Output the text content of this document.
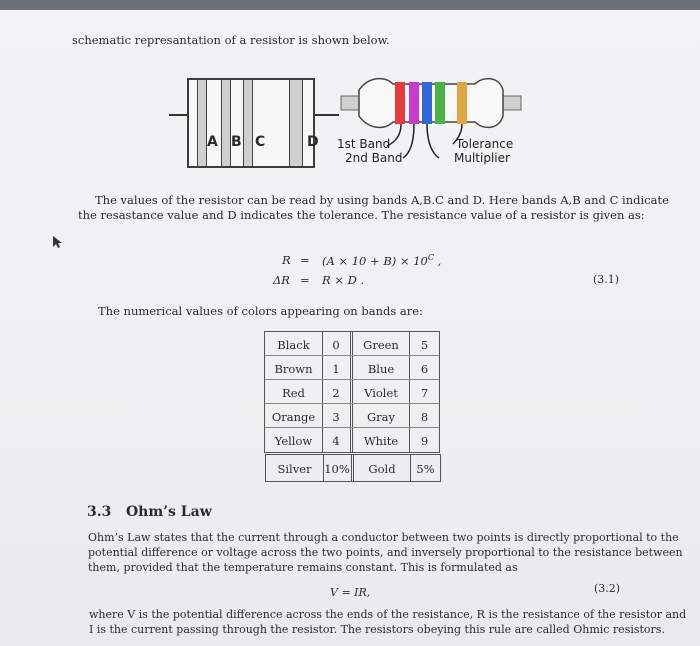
schematic represantation of a resistor is shown below.
A B C	D 1st Band
2nd Band
Tolerance
Multiplier
The values of the resistor can be read by using bands A,B.C and D. Here bands A,B and C indicate
the resastance value and D indicates the tolerance. The resistance value of a resistor is given as:
$R = (A \times 10 + B) \times 10^C$ ,
ΔR = R × D .	(3.1)
The numerical values of colors appearing on bands are:
Black	0	Green	5
Brown	1	Blue	6
Red	2	Violet	7
Orange	3	Gray	8
Yellow	4	White	9
Silver	10%	Gold	5%
3.3 Ohm’s Law
Ohm’s Law states that the current through a conductor between two points is directly proportional to the
potential difference or voltage across the two points, and inversely proportional to the resistance between
them, provided that the temperature remains constant. This is formulated as
V = IR,	(3.2)
where V is the potential difference across the ends of the resistance, R is the resistance of the resistor and
I is the current passing through the resistor. The resistors obeying this rule are called Ohmic resistors.
